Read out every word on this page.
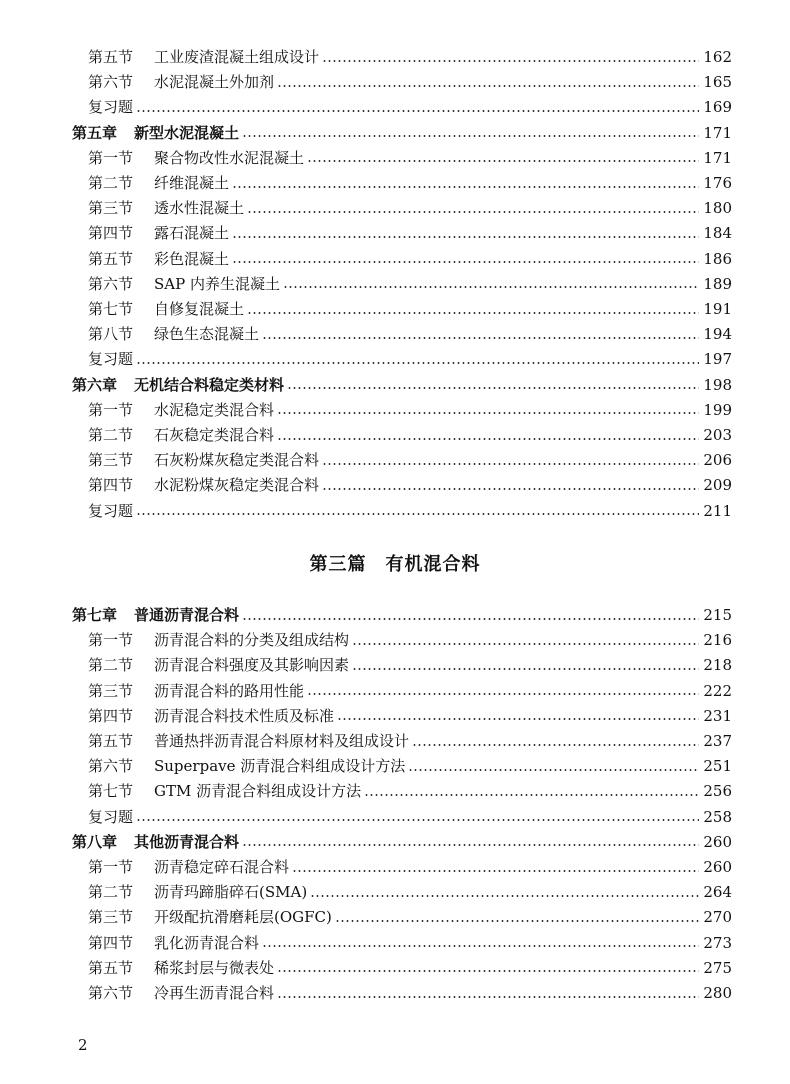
第五节	工业废渣混凝土组成设计	162
第六节	水泥混凝土外加剂	165
复习题	169
第五章	新型水泥混凝土	171
第一节	聚合物改性水泥混凝土	171
第二节	纤维混凝土	176
第三节	透水性混凝土	180
第四节	露石混凝土	184
第五节	彩色混凝土	186
第六节	SAP 内养生混凝土	189
第七节	自修复混凝土	191
第八节	绿色生态混凝土	194
复习题	197
第六章	无机结合料稳定类材料	198
第一节	水泥稳定类混合料	199
第二节	石灰稳定类混合料	203
第三节	石灰粉煤灰稳定类混合料	206
第四节	水泥粉煤灰稳定类混合料	209
复习题	211
第三篇　有机混合料
第七章	普通沥青混合料	215
第一节	沥青混合料的分类及组成结构	216
第二节	沥青混合料强度及其影响因素	218
第三节	沥青混合料的路用性能	222
第四节	沥青混合料技术性质及标准	231
第五节	普通热拌沥青混合料原材料及组成设计	237
第六节	Superpave 沥青混合料组成设计方法	251
第七节	GTM 沥青混合料组成设计方法	256
复习题	258
第八章	其他沥青混合料	260
第一节	沥青稳定碎石混合料	260
第二节	沥青玛蹄脂碎石(SMA)	264
第三节	开级配抗滑磨耗层(OGFC)	270
第四节	乳化沥青混合料	273
第五节	稀浆封层与微表处	275
第六节	冷再生沥青混合料	280
2
